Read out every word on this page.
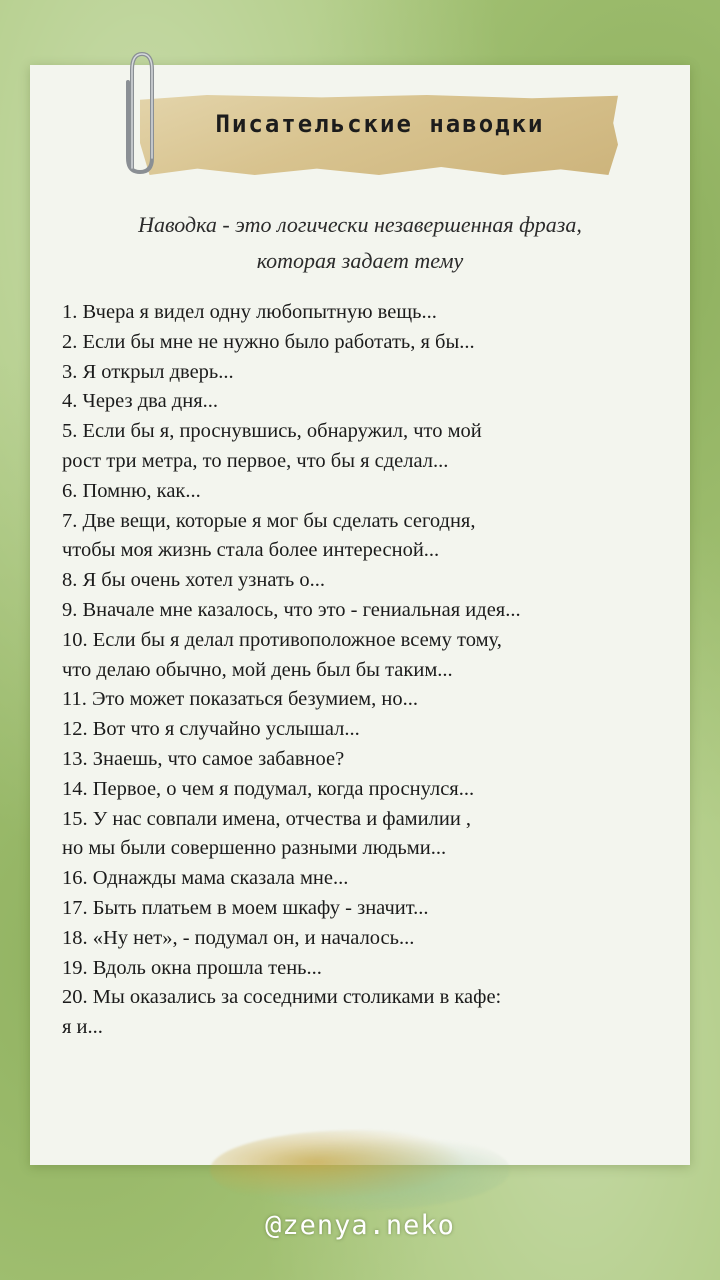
Писательские наводки
Наводка - это логически незавершенная фраза,
которая задает тему
1. Вчера я видел одну любопытную вещь...
2. Если бы мне не нужно было работать, я бы...
3. Я открыл дверь...
4. Через два дня...
5. Если бы я, проснувшись, обнаружил, что мой
рост три метра, то первое, что бы я сделал...
6. Помню, как...
7. Две вещи, которые я мог бы сделать сегодня,
чтобы моя жизнь стала более интересной...
8. Я бы очень хотел узнать о...
9. Вначале мне казалось, что это - гениальная идея...
10. Если бы я делал противоположное всему тому,
что делаю обычно, мой день был бы таким...
11. Это может показаться безумием, но...
12. Вот что я случайно услышал...
13. Знаешь, что самое забавное?
14. Первое, о чем я подумал, когда проснулся...
15. У нас совпали имена, отчества и фамилии ,
но мы были совершенно разными людьми...
16. Однажды мама сказала мне...
17. Быть платьем в моем шкафу - значит...
18. «Ну нет», - подумал он, и началось...
19. Вдоль окна прошла тень...
20. Мы оказались за соседними столиками в кафе:
я и...
@zenya.neko
